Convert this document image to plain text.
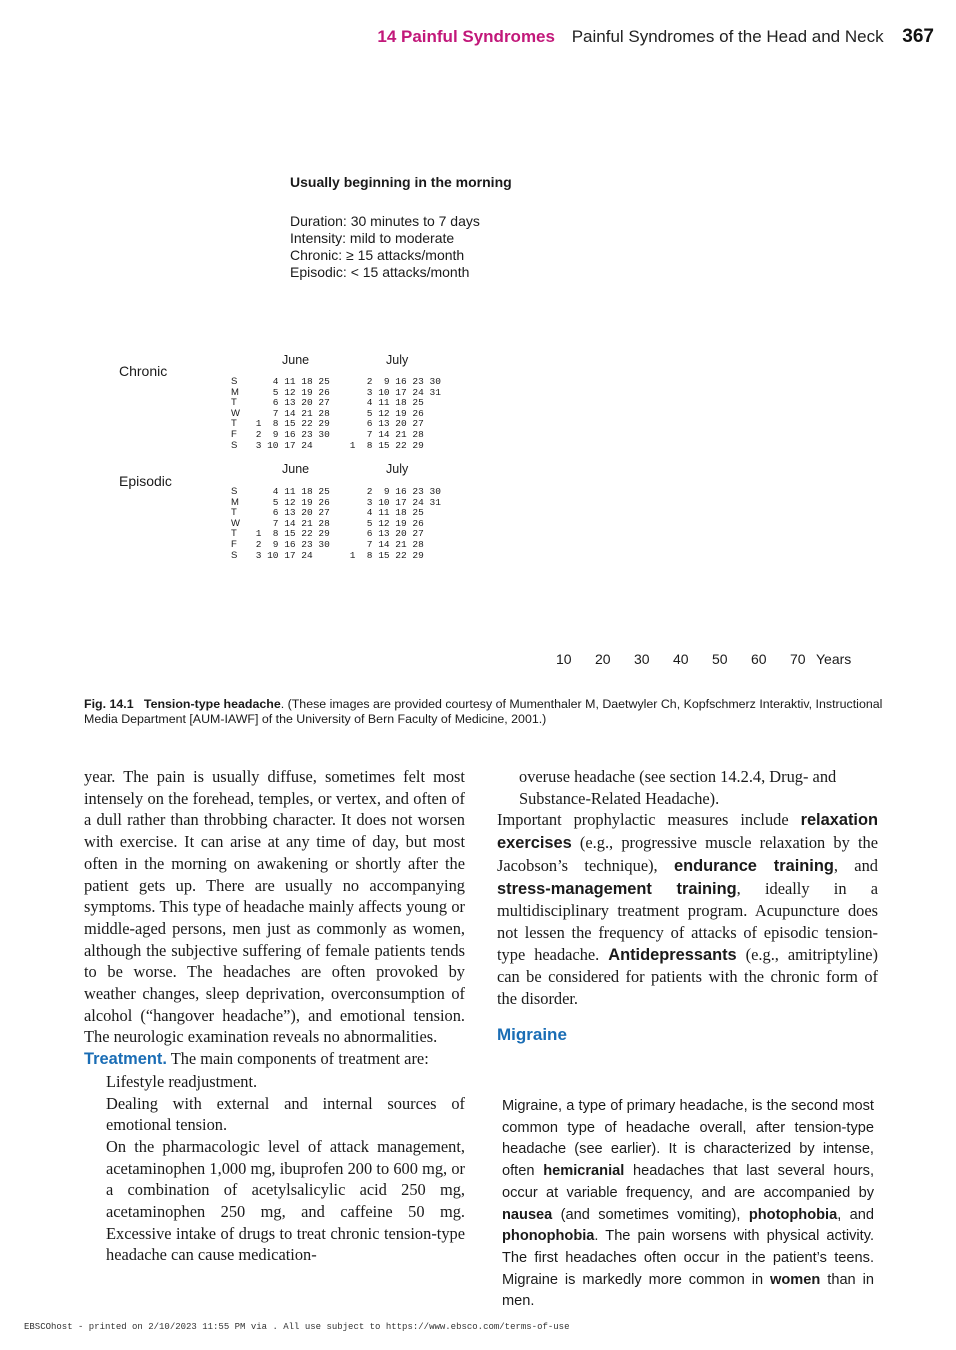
14 Painful Syndromes Painful Syndromes of the Head and Neck 367
Usually beginning in the morning
Duration: 30 minutes to 7 days
Intensity: mild to moderate
Chronic: ≥ 15 attacks/month
Episodic: < 15 attacks/month
Chronic
June	July
S
M
T
W
T
F
S
4 11 18 25
5 12 19 26
6 13 20 27
7 14 21 28
1  8 15 22 29
2  9 16 23 30
3 10 17 24
2  9 16 23 30
3 10 17 24 31
4 11 18 25
5 12 19 26
6 13 20 27
7 14 21 28
1  8 15 22 29
Episodic
June	July
S
M
T
W
T
F
S
4 11 18 25
5 12 19 26
6 13 20 27
7 14 21 28
1  8 15 22 29
2  9 16 23 30
3 10 17 24
2  9 16 23 30
3 10 17 24 31
4 11 18 25
5 12 19 26
6 13 20 27
7 14 21 28
1  8 15 22 29
10 20 30 40 50 60 70 Years
Fig. 14.1 Tension-type headache. (These images are provided courtesy of Mumenthaler M, Daetwyler Ch, Kopfschmerz Interaktiv, Instructional Media Department [AUM-IAWF] of the University of Bern Faculty of Medicine, 2001.)

year. The pain is usually diffuse, sometimes felt most intensely on the forehead, temples, or vertex, and often of a dull rather than throbbing character. It does not worsen with exercise. It can arise at any time of day, but most often in the morning on awakening or shortly after the patient gets up. There are usually no accompanying symptoms. This type of headache mainly affects young or middle-aged persons, men just as commonly as women, although the subjective suffering of female patients tends to be worse. The headaches are often provoked by weather changes, sleep deprivation, overconsumption of alcohol (“hangover headache”), and emotional tension. The neurologic examination reveals no abnormalities.

Treatment. The main components of treatment are:

Lifestyle readjustment.

Dealing with external and internal sources of emotional tension.

On the pharmacologic level of attack management, acetaminophen 1,000 mg, ibuprofen 200 to 600 mg, or a combination of acetylsalicylic acid 250 mg, acetaminophen 250 mg, and caffeine 50 mg. Excessive intake of drugs to treat chronic tension-type headache can cause medication-

overuse headache (see section 14.2.4, Drug- and Substance-Related Headache).

Important prophylactic measures include relaxation exercises (e.g., progressive muscle relaxation by the Jacobson’s technique), endurance training, and stress-management training, ideally in a multidisciplinary treatment program. Acupuncture does not lessen the frequency of attacks of episodic tension-type headache. Antidepressants (e.g., amitriptyline) can be considered for patients with the chronic form of the disorder.

Migraine
Migraine, a type of primary headache, is the second most common type of headache overall, after tension-type headache (see earlier). It is characterized by intense, often hemicranial headaches that last several hours, occur at variable frequency, and are accompanied by nausea (and sometimes vomiting), photophobia, and phonophobia. The pain worsens with physical activity. The first headaches often occur in the patient’s teens. Migraine is markedly more common in women than in men.
EBSCOhost - printed on 2/10/2023 11:55 PM via . All use subject to https://www.ebsco.com/terms-of-use
